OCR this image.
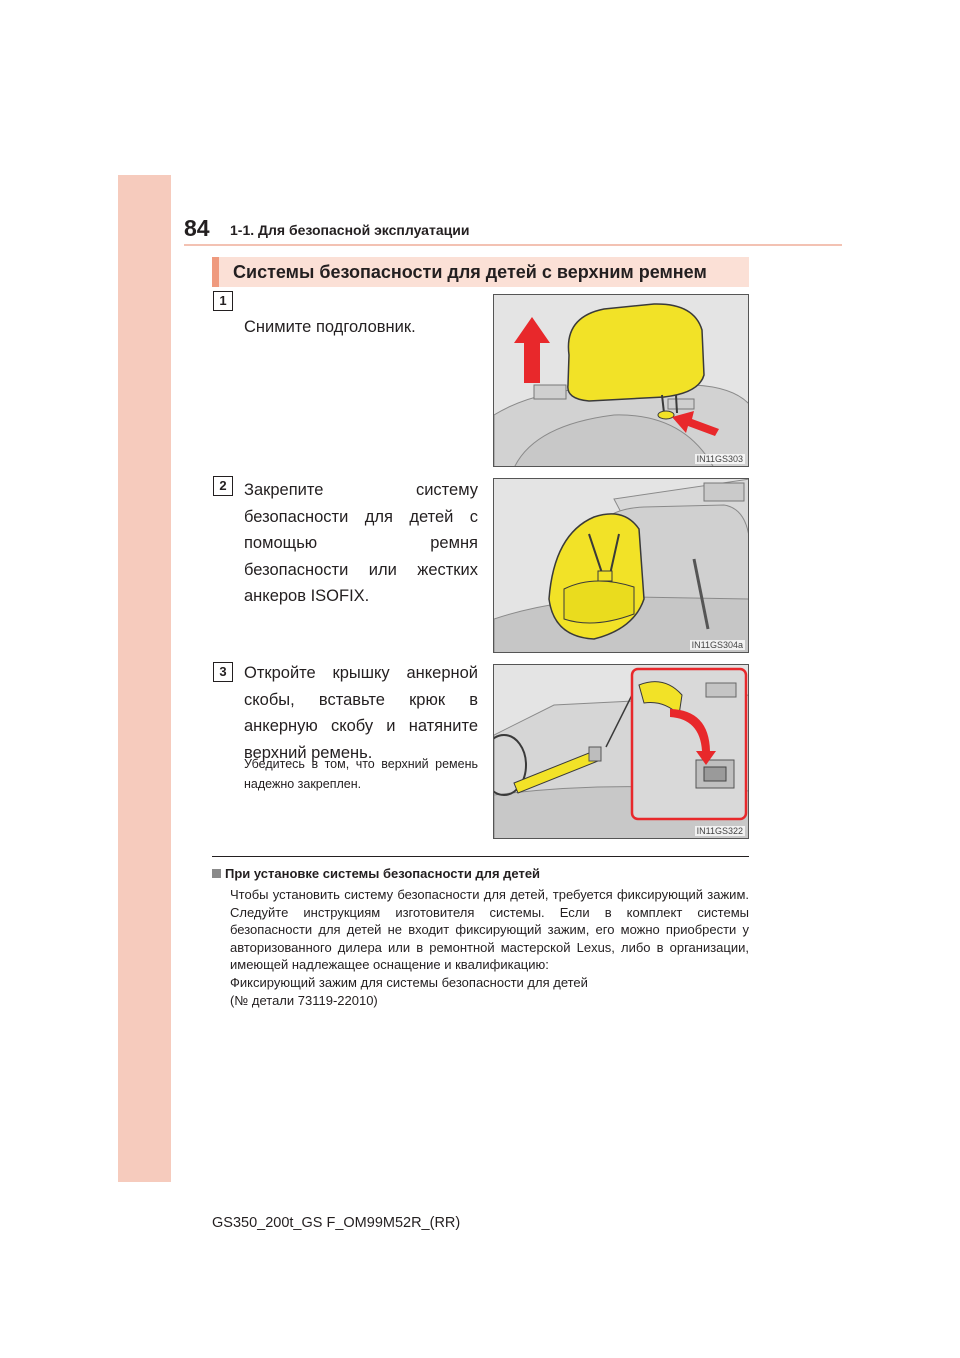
84 1-1. Для безопасной эксплуатации
Системы безопасности для детей с верхним ремнем
1
Снимите подголовник.
IN11GS303
2	Закрепите систему безопасности для детей с помощью ремня безопасности или жестких анкеров ISOFIX.
IN11GS304a
3	Откройте крышку анкерной скобы, вставьте крюк в анкерную скобу и натяните верхний ремень.
Убедитесь в том, что верхний ремень надежно закреплен.
IN11GS322
При установке системы безопасности для детей
Чтобы установить систему безопасности для детей, требуется фиксирующий зажим. Следуйте инструкциям изготовителя системы. Если в комплект системы безопасности для детей не входит фиксирующий зажим, его можно приобрести у авторизованного дилера или в ремонтной мастерской Lexus, либо в организации, имеющей надлежащее оснащение и квалификацию:
Фиксирующий зажим для системы безопасности для детей
(№ детали 73119-22010)
GS350_200t_GS F_OM99M52R_(RR)
